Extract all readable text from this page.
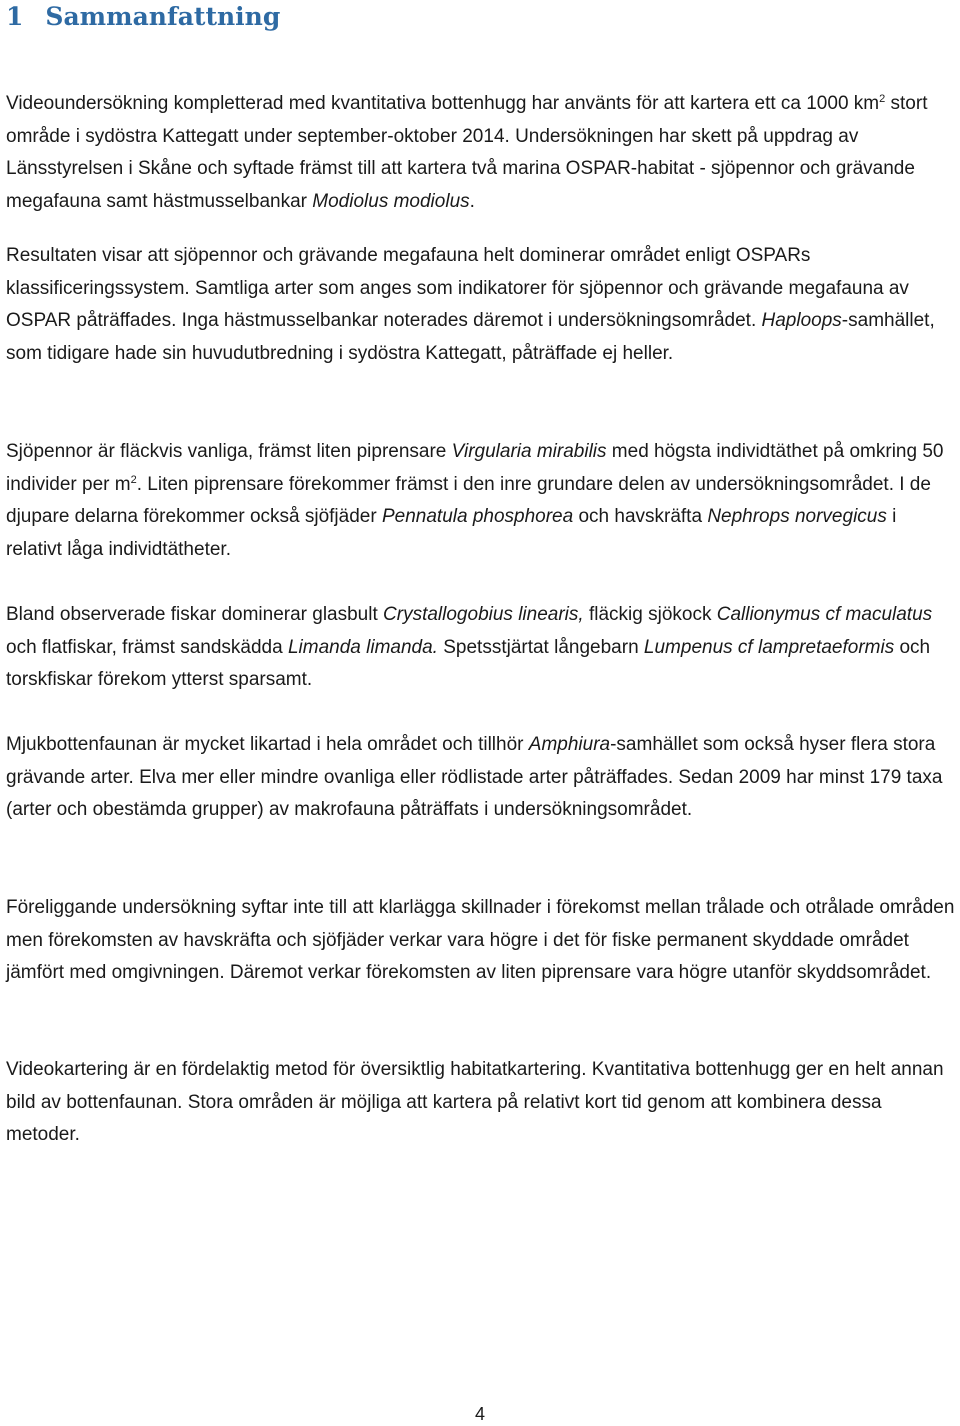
1 Sammanfattning

Videoundersökning kompletterad med kvantitativa bottenhugg har använts för att kartera ett ca 1000 $km^2$ stort område i sydöstra Kattegatt under september-oktober 2014. Undersökningen har skett på uppdrag av Länsstyrelsen i Skåne och syftade främst till att kartera två marina OSPAR-habitat - sjöpennor och grävande megafauna samt hästmusselbankar Modiolus modiolus.

Resultaten visar att sjöpennor och grävande megafauna helt dominerar området enligt OSPARs klassificeringssystem. Samtliga arter som anges som indikatorer för sjöpennor och grävande megafauna av OSPAR påträffades. Inga hästmusselbankar noterades däremot i undersökningsområdet. Haploops-samhället, som tidigare hade sin huvudutbredning i sydöstra Kattegatt, påträffade ej heller.

Sjöpennor är fläckvis vanliga, främst liten piprensare Virgularia mirabilis med högsta individtäthet på omkring 50 individer per $m^2$. Liten piprensare förekommer främst i den inre grundare delen av undersökningsområdet. I de djupare delarna förekommer också sjöfjäder Pennatula phosphorea och havskräfta Nephrops norvegicus i relativt låga individtätheter.

Bland observerade fiskar dominerar glasbult Crystallogobius linearis, fläckig sjökock Callionymus cf maculatus och flatfiskar, främst sandskädda Limanda limanda. Spetsstjärtat långebarn Lumpenus cf lampretaeformis och torskfiskar förekom ytterst sparsamt.

Mjukbottenfaunan är mycket likartad i hela området och tillhör Amphiura-samhället som också hyser flera stora grävande arter. Elva mer eller mindre ovanliga eller rödlistade arter påträffades. Sedan 2009 har minst 179 taxa (arter och obestämda grupper) av makrofauna påträffats i undersökningsområdet.

Föreliggande undersökning syftar inte till att klarlägga skillnader i förekomst mellan trålade och otrålade områden men förekomsten av havskräfta och sjöfjäder verkar vara högre i det för fiske permanent skyddade området jämfört med omgivningen. Däremot verkar förekomsten av liten piprensare vara högre utanför skyddsområdet.

Videokartering är en fördelaktig metod för översiktlig habitatkartering. Kvantitativa bottenhugg ger en helt annan bild av bottenfaunan. Stora områden är möjliga att kartera på relativt kort tid genom att kombinera dessa metoder.

4
